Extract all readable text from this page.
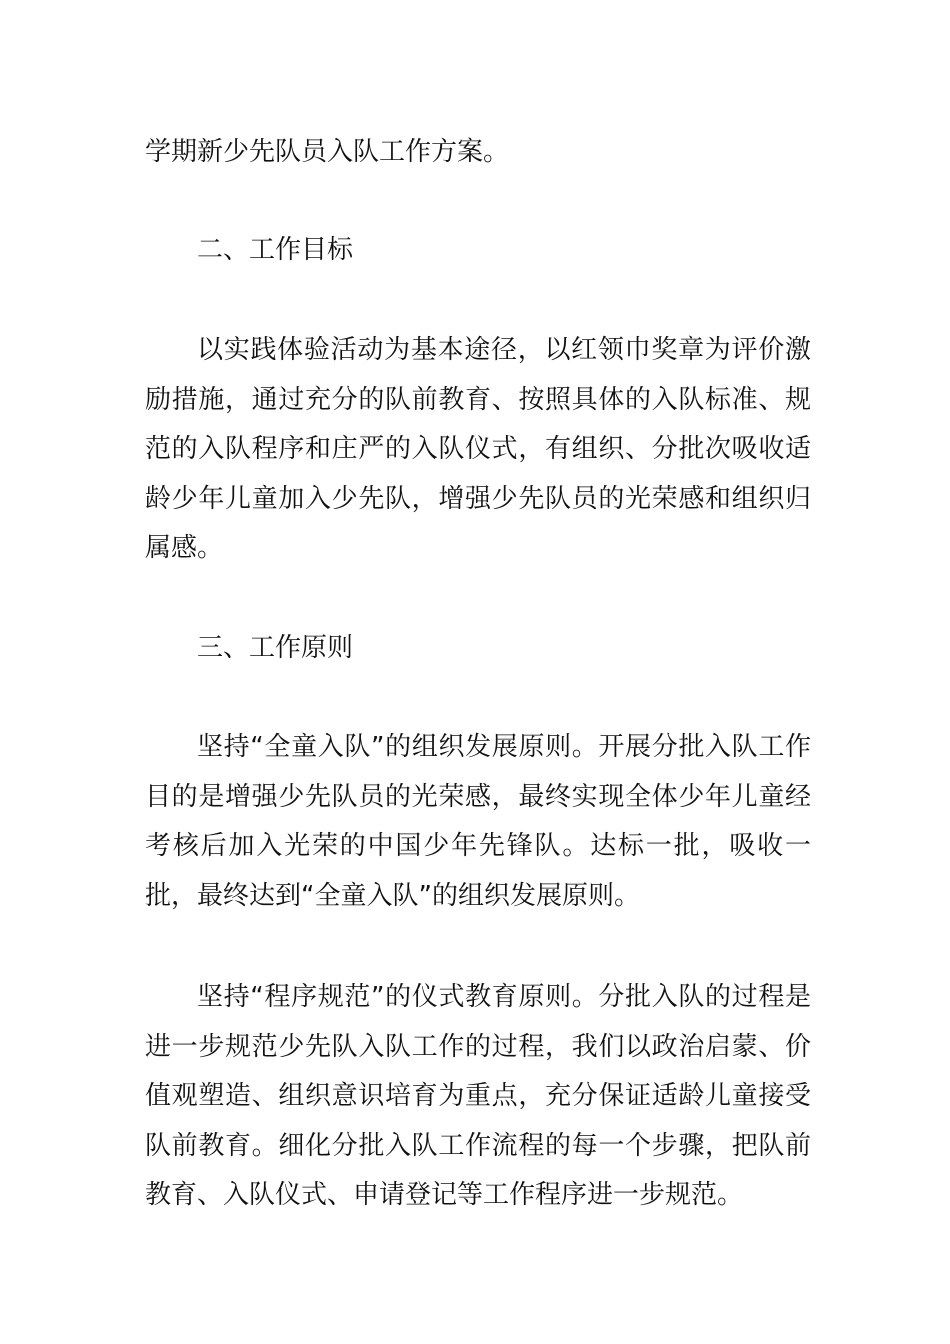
学期新少先队员入队工作方案。

二、工作目标

以实践体验活动为基本途径，以红领巾奖章为评价激励措施，通过充分的队前教育、按照具体的入队标准、规范的入队程序和庄严的入队仪式，有组织、分批次吸收适龄少年儿童加入少先队，增强少先队员的光荣感和组织归属感。

三、工作原则

坚持“全童入队”的组织发展原则。开展分批入队工作目的是增强少先队员的光荣感，最终实现全体少年儿童经考核后加入光荣的中国少年先锋队。达标一批，吸收一批，最终达到“全童入队”的组织发展原则。

坚持“程序规范”的仪式教育原则。分批入队的过程是进一步规范少先队入队工作的过程，我们以政治启蒙、价值观塑造、组织意识培育为重点，充分保证适龄儿童接受队前教育。细化分批入队工作流程的每一个步骤，把队前教育、入队仪式、申请登记等工作程序进一步规范。
